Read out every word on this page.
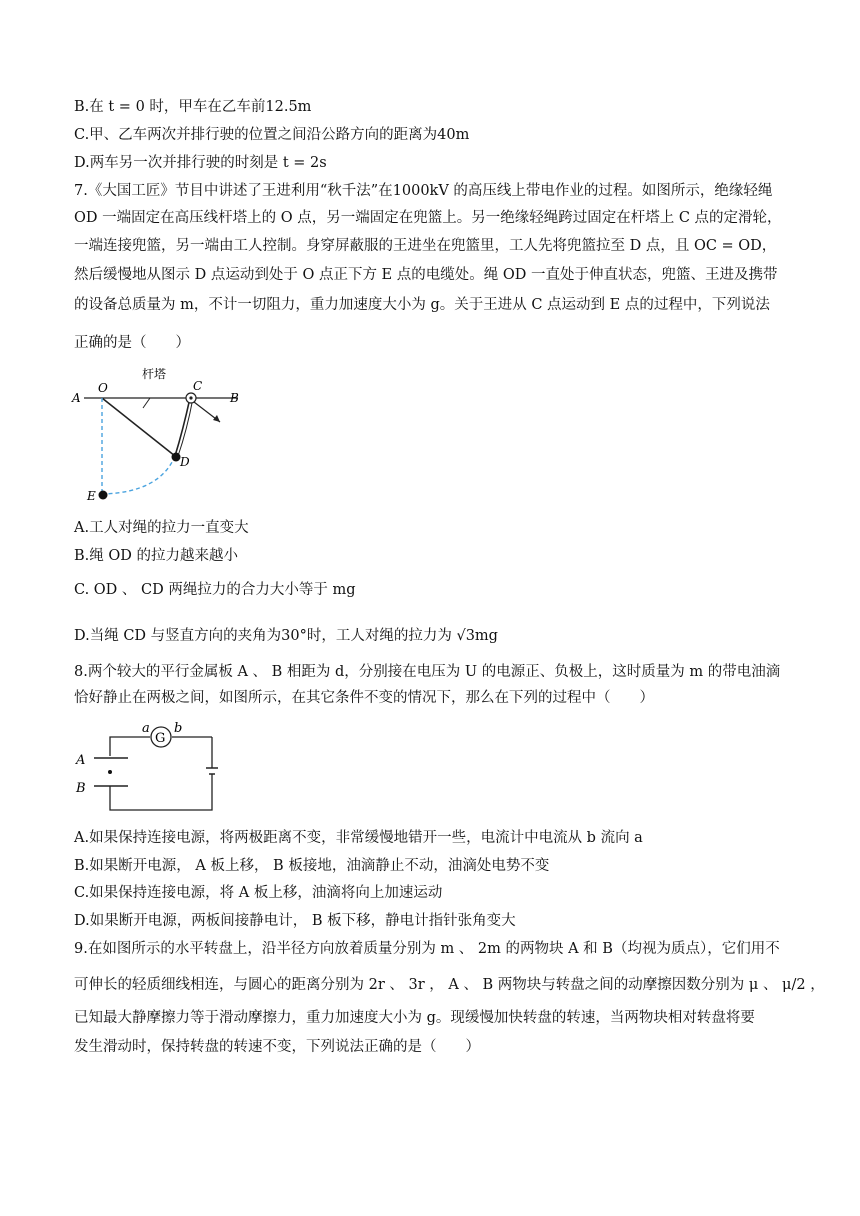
B.在 t = 0 时，甲车在乙车前12.5m
C.甲、乙车两次并排行驶的位置之间沿公路方向的距离为40m
D.两车另一次并排行驶的时刻是 t = 2s
7.《大国工匠》节目中讲述了王进利用“秋千法”在1000kV 的高压线上带电作业的过程。如图所示，绝缘轻绳
OD 一端固定在高压线杆塔上的 O 点，另一端固定在兜篮上。另一绝缘轻绳跨过固定在杆塔上 C 点的定滑轮，
一端连接兜篮，另一端由工人控制。身穿屏蔽服的王进坐在兜篮里，工人先将兜篮拉至 D 点，且 OC = OD，
然后缓慢地从图示 D 点运动到处于 O 点正下方 E 点的电缆处。绳 OD 一直处于伸直状态，兜篮、王进及携带
的设备总质量为 m，不计一切阻力，重力加速度大小为 g。关于王进从 C 点运动到 E 点的过程中，下列说法
正确的是（　　）
A
O
杆塔
C
B
D
E
A.工人对绳的拉力一直变大
B.绳 OD 的拉力越来越小
C. OD 、 CD 两绳拉力的合力大小等于 mg
D.当绳 CD 与竖直方向的夹角为30°时，工人对绳的拉力为 √3mg
8.两个较大的平行金属板 A 、 B 相距为 d，分别接在电压为 U 的电源正、负极上，这时质量为 m 的带电油滴
恰好静止在两极之间，如图所示，在其它条件不变的情况下，那么在下列的过程中（　　）
G
a b
A
B
A.如果保持连接电源，将两极距离不变，非常缓慢地错开一些，电流计中电流从 b 流向 a
B.如果断开电源， A 板上移， B 板接地，油滴静止不动，油滴处电势不变
C.如果保持连接电源，将 A 板上移，油滴将向上加速运动
D.如果断开电源，两板间接静电计， B 板下移，静电计指针张角变大
9.在如图所示的水平转盘上，沿半径方向放着质量分别为 m 、 2m 的两物块 A 和 B（均视为质点），它们用不
可伸长的轻质细线相连，与圆心的距离分别为 2r 、 3r ， A 、 B 两物块与转盘之间的动摩擦因数分别为 μ 、 μ/2 ，
已知最大静摩擦力等于滑动摩擦力，重力加速度大小为 g。现缓慢加快转盘的转速，当两物块相对转盘将要
发生滑动时，保持转盘的转速不变，下列说法正确的是（　　）
